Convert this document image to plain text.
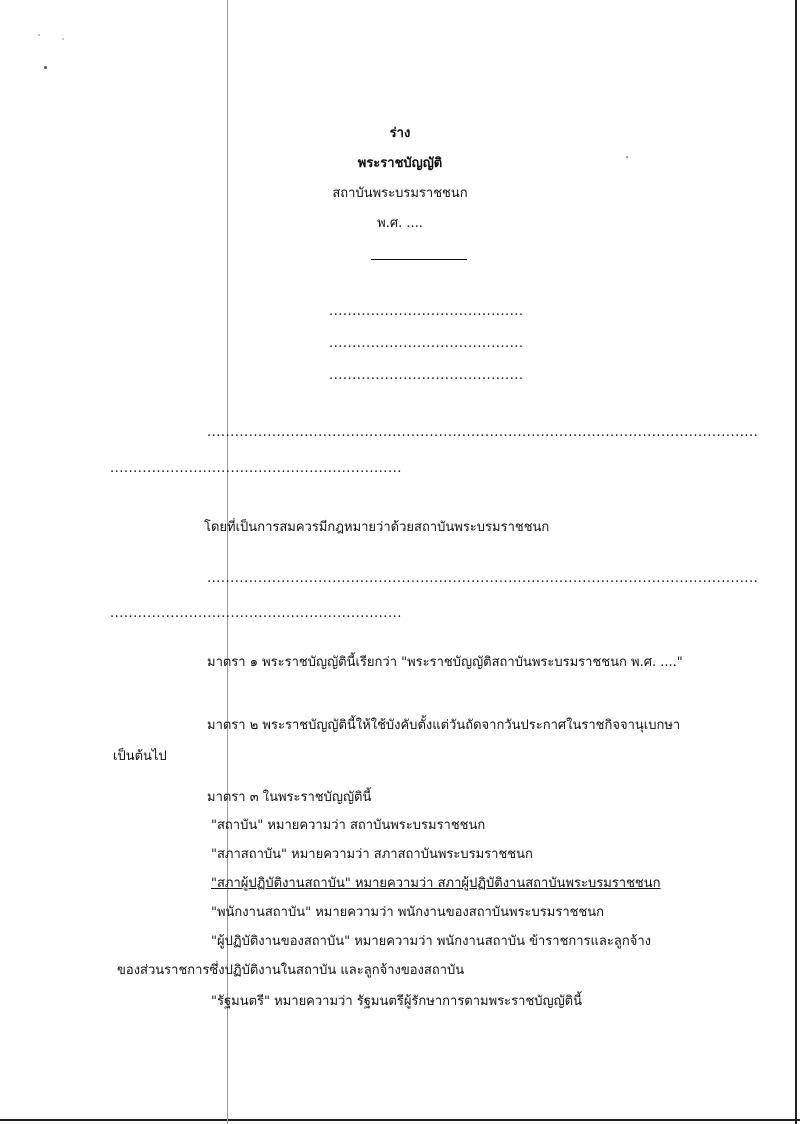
ร่าง
พระราชบัญญัติ
สถาบันพระบรมราชชนก
พ.ศ. ....
..........................................
..........................................
..........................................
.......................................................................................................................
...............................................................
โดยที่เป็นการสมควรมีกฎหมายว่าด้วยสถาบันพระบรมราชชนก
.......................................................................................................................
...............................................................
มาตรา ๑ พระราชบัญญัตินี้เรียกว่า "พระราชบัญญัติสถาบันพระบรมราชชนก พ.ศ. ...."
มาตรา ๒ พระราชบัญญัตินี้ให้ใช้บังคับตั้งแต่วันถัดจากวันประกาศในราชกิจจานุเบกษา
เป็นต้นไป
มาตรา ๓ ในพระราชบัญญัตินี้
"สถาบัน" หมายความว่า สถาบันพระบรมราชชนก
"สภาสถาบัน" หมายความว่า สภาสถาบันพระบรมราชชนก
"สภาผู้ปฏิบัติงานสถาบัน" หมายความว่า สภาผู้ปฏิบัติงานสถาบันพระบรมราชชนก
"พนักงานสถาบัน" หมายความว่า พนักงานของสถาบันพระบรมราชชนก
"ผู้ปฏิบัติงานของสถาบัน" หมายความว่า พนักงานสถาบัน ข้าราชการและลูกจ้าง
ของส่วนราชการซึ่งปฏิบัติงานในสถาบัน และลูกจ้างของสถาบัน
"รัฐมนตรี" หมายความว่า รัฐมนตรีผู้รักษาการตามพระราชบัญญัตินี้
